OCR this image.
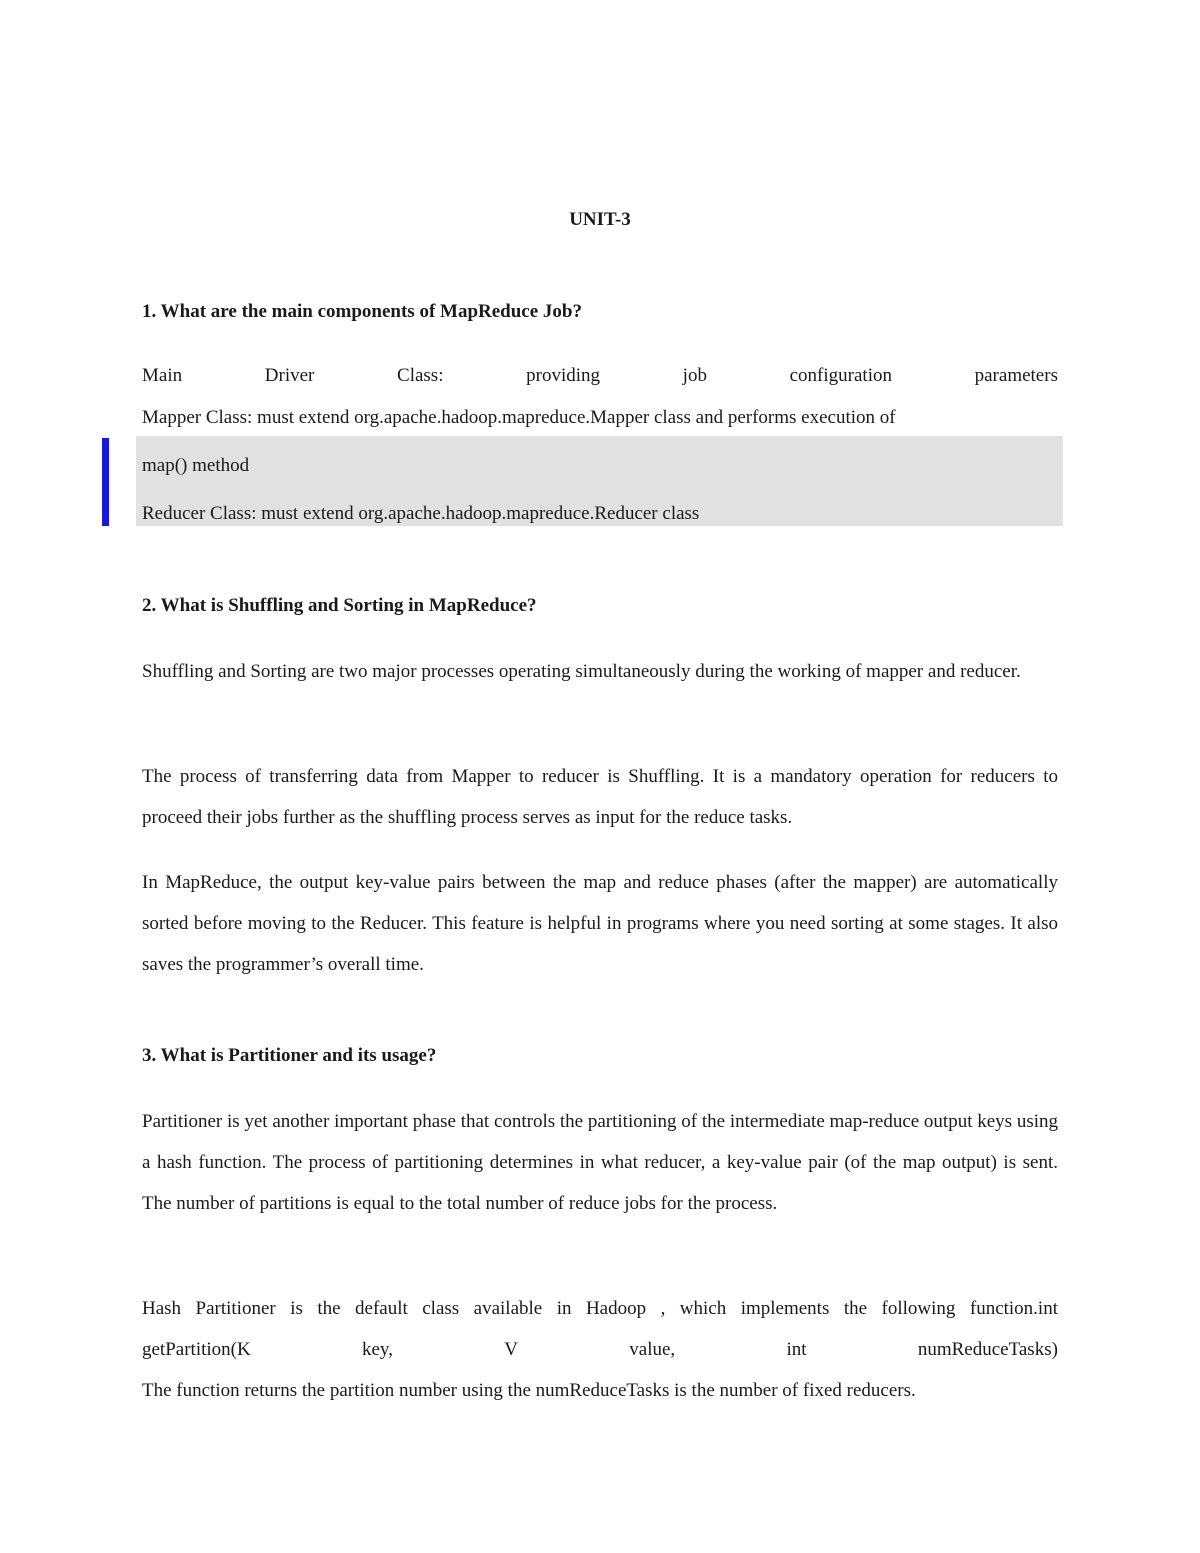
UNIT-3
1. What are the main components of MapReduce Job?
Main	Driver	Class:	providing	job	configuration	parameters
Mapper Class: must extend org.apache.hadoop.mapreduce.Mapper class and performs execution of
map() method
Reducer Class: must extend org.apache.hadoop.mapreduce.Reducer class
2. What is Shuffling and Sorting in MapReduce?

Shuffling and Sorting are two major processes operating simultaneously during the working of mapper and reducer.

The process of transferring data from Mapper to reducer is Shuffling. It is a mandatory operation for reducers to proceed their jobs further as the shuffling process serves as input for the reduce tasks.

In MapReduce, the output key-value pairs between the map and reduce phases (after the mapper) are automatically sorted before moving to the Reducer. This feature is helpful in programs where you need sorting at some stages. It also saves the programmer’s overall time.

3. What is Partitioner and its usage?

Partitioner is yet another important phase that controls the partitioning of the intermediate map-reduce output keys using a hash function. The process of partitioning determines in what reducer, a key-value pair (of the map output) is sent. The number of partitions is equal to the total number of reduce jobs for the process.

Hash Partitioner is the default class available in Hadoop , which implements the following function.int
getPartition(K	key,	V	value,	int	numReduceTasks)
The function returns the partition number using the numReduceTasks is the number of fixed reducers.
